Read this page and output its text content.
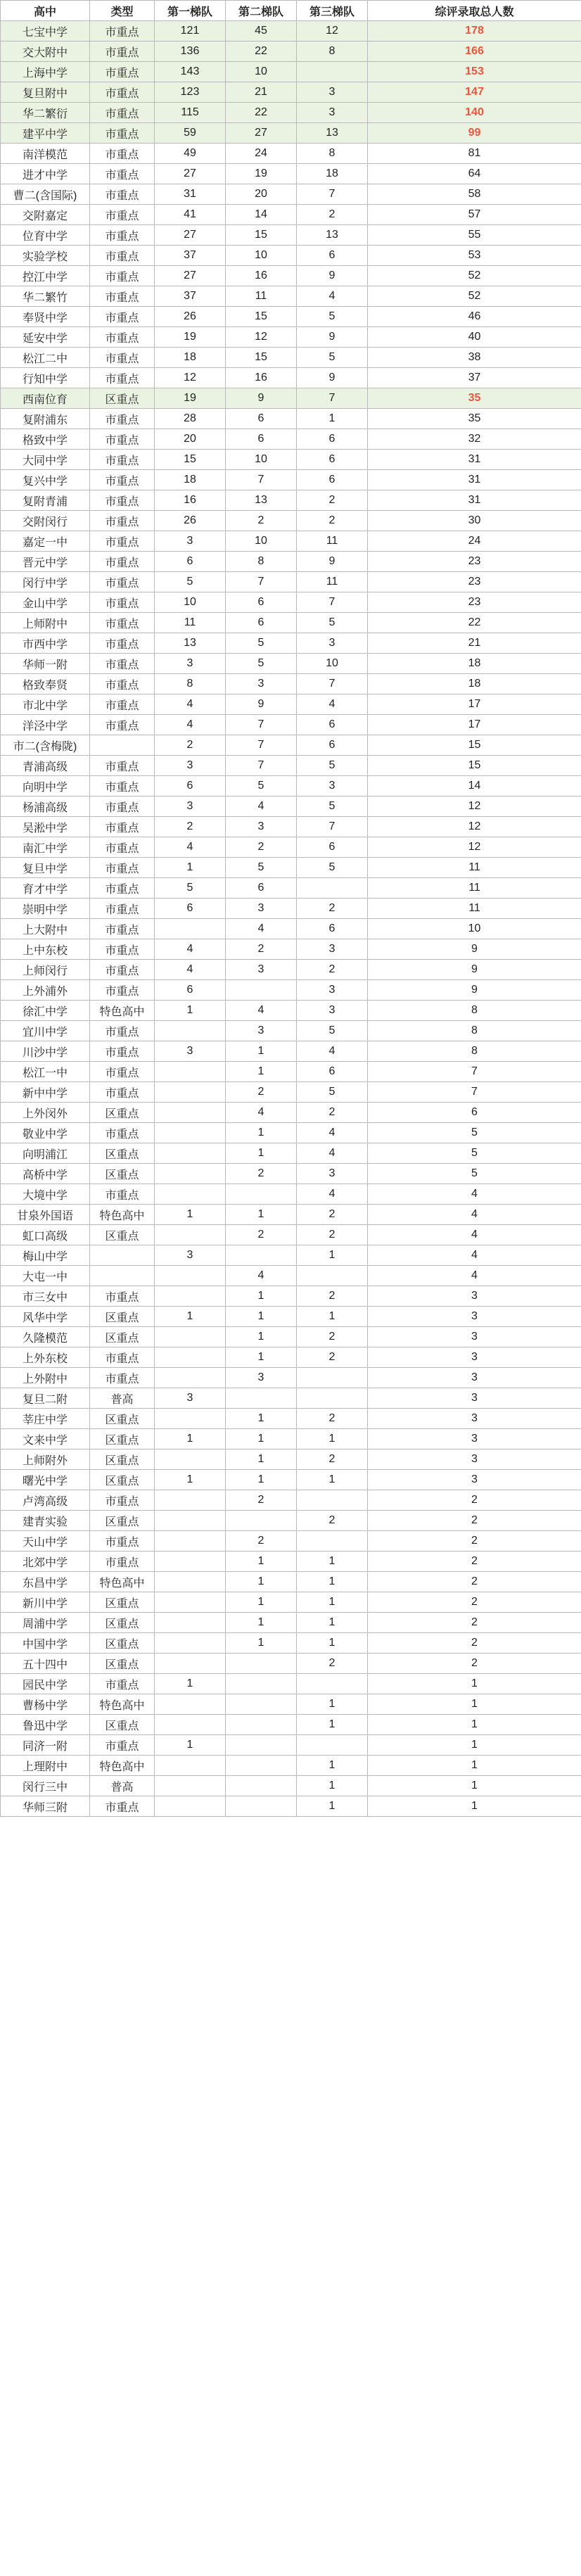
高中	类型	第一梯队	第二梯队	第三梯队	综评录取总人数
七宝中学	市重点	121	45	12	178
交大附中	市重点	136	22	8	166
上海中学	市重点	143	10		153
复旦附中	市重点	123	21	3	147
华二繁衍	市重点	115	22	3	140
建平中学	市重点	59	27	13	99
南洋模范	市重点	49	24	8	81
进才中学	市重点	27	19	18	64
曹二(含国际)	市重点	31	20	7	58
交附嘉定	市重点	41	14	2	57
位育中学	市重点	27	15	13	55
实验学校	市重点	37	10	6	53
控江中学	市重点	27	16	9	52
华二繁竹	市重点	37	11	4	52
奉贤中学	市重点	26	15	5	46
延安中学	市重点	19	12	9	40
松江二中	市重点	18	15	5	38
行知中学	市重点	12	16	9	37
西南位育	区重点	19	9	7	35
复附浦东	市重点	28	6	1	35
格致中学	市重点	20	6	6	32
大同中学	市重点	15	10	6	31
复兴中学	市重点	18	7	6	31
复附青浦	市重点	16	13	2	31
交附闵行	市重点	26	2	2	30
嘉定一中	市重点	3	10	11	24
晋元中学	市重点	6	8	9	23
闵行中学	市重点	5	7	11	23
金山中学	市重点	10	6	7	23
上师附中	市重点	11	6	5	22
市西中学	市重点	13	5	3	21
华师一附	市重点	3	5	10	18
格致奉贤	市重点	8	3	7	18
市北中学	市重点	4	9	4	17
洋泾中学	市重点	4	7	6	17
市二(含梅陇)		2	7	6	15
青浦高级	市重点	3	7	5	15
向明中学	市重点	6	5	3	14
杨浦高级	市重点	3	4	5	12
吴淞中学	市重点	2	3	7	12
南汇中学	市重点	4	2	6	12
复旦中学	市重点	1	5	5	11
育才中学	市重点	5	6		11
崇明中学	市重点	6	3	2	11
上大附中	市重点		4	6	10
上中东校	市重点	4	2	3	9
上师闵行	市重点	4	3	2	9
上外浦外	市重点	6		3	9
徐汇中学	特色高中	1	4	3	8
宜川中学	市重点		3	5	8
川沙中学	市重点	3	1	4	8
松江一中	市重点		1	6	7
新中中学	市重点		2	5	7
上外闵外	区重点		4	2	6
敬业中学	市重点		1	4	5
向明浦江	区重点		1	4	5
高桥中学	区重点		2	3	5
大境中学	市重点			4	4
甘泉外国语	特色高中	1	1	2	4
虹口高级	区重点		2	2	4
梅山中学		3		1	4
大屯一中			4		4
市三女中	市重点		1	2	3
风华中学	区重点	1	1	1	3
久隆模范	区重点		1	2	3
上外东校	市重点		1	2	3
上外附中	市重点		3		3
复旦二附	普高	3			3
莘庄中学	区重点		1	2	3
文来中学	区重点	1	1	1	3
上师附外	区重点		1	2	3
曙光中学	区重点	1	1	1	3
卢湾高级	市重点		2		2
建青实验	区重点			2	2
天山中学	市重点		2		2
北郊中学	市重点		1	1	2
东昌中学	特色高中		1	1	2
新川中学	区重点		1	1	2
周浦中学	区重点		1	1	2
中国中学	区重点		1	1	2
五十四中	区重点			2	2
园民中学	市重点	1			1
曹杨中学	特色高中			1	1
鲁迅中学	区重点			1	1
同济一附	市重点	1			1
上理附中	特色高中			1	1
闵行三中	普高			1	1
华师三附	市重点			1	1
